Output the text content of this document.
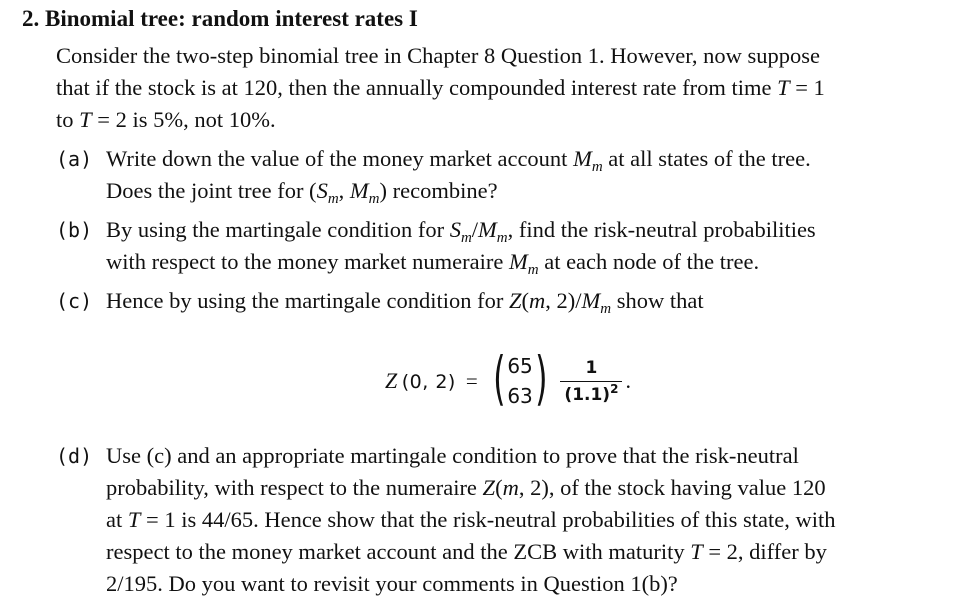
2. Binomial tree: random interest rates I
Consider the two-step binomial tree in Chapter 8 Question 1. However, now suppose
that if the stock is at 120, then the annually compounded interest rate from time T = 1
to T = 2 is 5%, not 10%.
(a) Write down the value of the money market account $M_m$ at all states of the tree.
Does the joint tree for ($S_m$, $M_m$) recombine?
(b) By using the martingale condition for $S_m/M_m$, find the risk-neutral probabilities
with respect to the money market numeraire $M_m$ at each node of the tree.
(c) Hence by using the martingale condition for Z(m, $2)/M_m$ show that
Z (0, 2) = ( 65
63 ) $\frac{1}{(1.1)^2}$ .
(d) Use (c) and an appropriate martingale condition to prove that the risk-neutral
probability, with respect to the numeraire Z(m, 2), of the stock having value 120
at T = 1 is 44/65. Hence show that the risk-neutral probabilities of this state, with
respect to the money market account and the ZCB with maturity T = 2, differ by
2/195. Do you want to revisit your comments in Question 1(b)?
